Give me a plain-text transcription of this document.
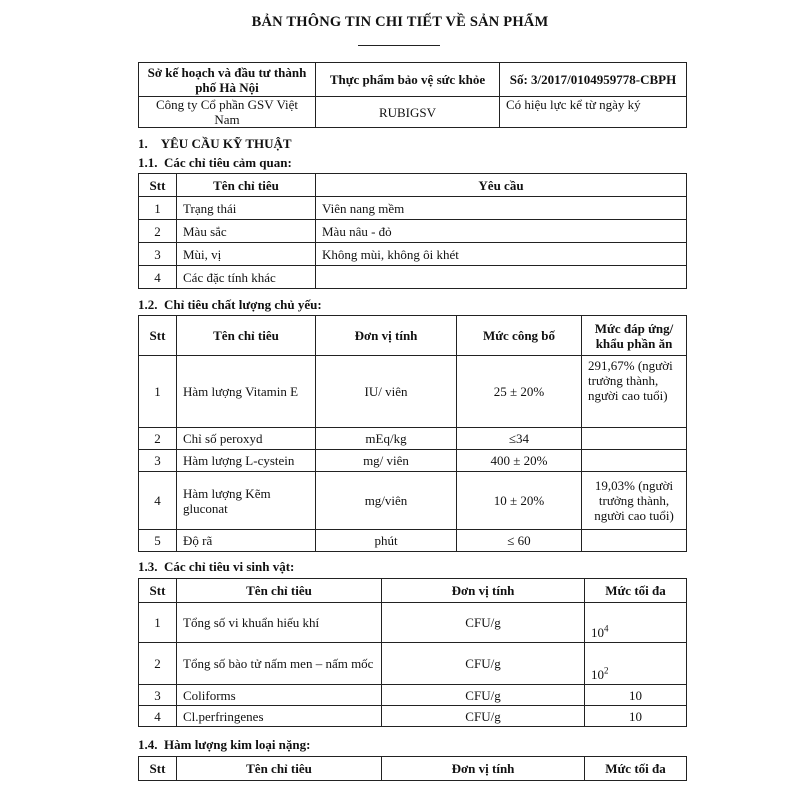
BẢN THÔNG TIN CHI TIẾT VỀ SẢN PHẨM
Sở kế hoạch và đầu tư thành phố Hà Nội	Thực phẩm bảo vệ sức khỏe	Số: 3/2017/0104959778-CBPH
Công ty Cổ phần GSV Việt Nam	RUBIGSV	Có hiệu lực kể từ ngày ký
1.    YÊU CẦU KỸ THUẬT
1.1.  Các chỉ tiêu cảm quan:
Stt	Tên chỉ tiêu	Yêu cầu
1	Trạng thái	Viên nang mềm
2	Màu sắc	Màu nâu - đỏ
3	Mùi, vị	Không mùi, không ôi khét
4	Các đặc tính khác	
1.2.  Chỉ tiêu chất lượng chủ yếu:
Stt	Tên chỉ tiêu	Đơn vị tính	Mức công bố	Mức đáp ứng/ khẩu phần ăn
1	Hàm lượng Vitamin E	IU/ viên	25 ± 20%	291,67% (người trưởng thành, người cao tuổi)
2	Chỉ số peroxyd	mEq/kg	≤34	
3	Hàm lượng L-cystein	mg/ viên	400 ± 20%	
4	Hàm lượng Kẽm gluconat	mg/viên	10 ± 20%	19,03% (người trưởng thành, người cao tuổi)
5	Độ rã	phút	≤ 60	
1.3.  Các chỉ tiêu vi sinh vật:
Stt	Tên chỉ tiêu	Đơn vị tính	Mức tối đa
1	Tổng số vi khuẩn hiếu khí	CFU/g	$10^4$
2	Tổng số bào tử nấm men – nấm mốc	CFU/g	$10^2$
3	Coliforms	CFU/g	10
4	Cl.perfringenes	CFU/g	10
1.4.  Hàm lượng kim loại nặng:
Stt	Tên chỉ tiêu	Đơn vị tính	Mức tối đa
